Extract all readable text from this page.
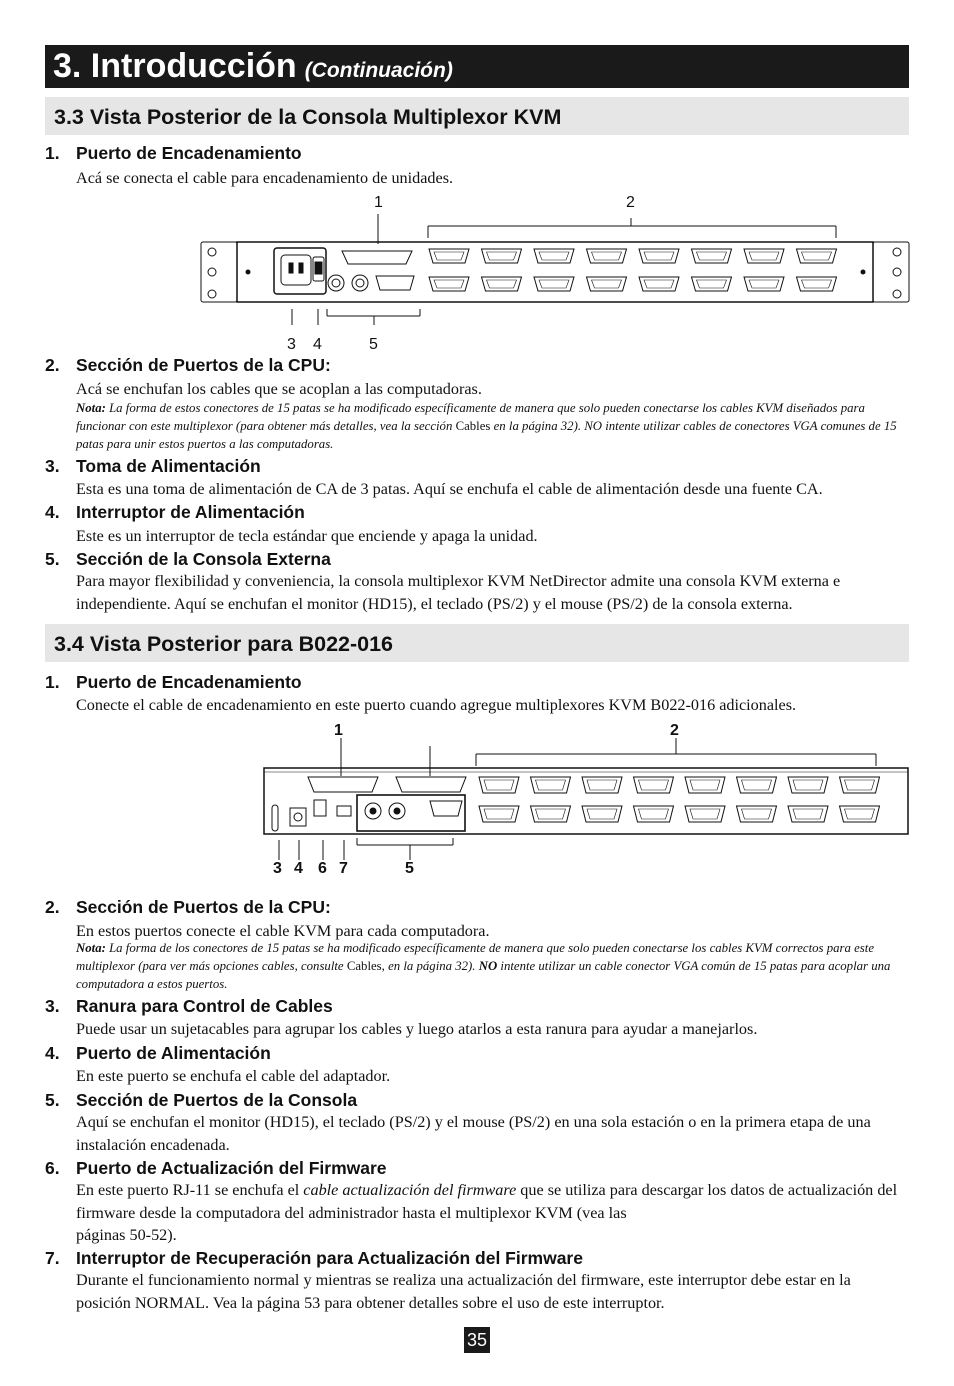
3. Introducción (Continuación)
3.3 Vista Posterior de la Consola Multiplexor KVM
1. Puerto de Encadenamiento
Acá se conecta el cable para encadenamiento de unidades.
1	2
3 4	5
2. Sección de Puertos de la CPU:
Acá se enchufan los cables que se acoplan a las computadoras.
Nota: La forma de estos conectores de 15 patas se ha modificado específicamente de manera que solo pueden conectarse los cables KVM diseñados para funcionar con este multiplexor (para obtener más detalles, vea la sección Cables en la página 32). NO intente utilizar cables de conectores VGA comunes de 15 patas para unir estos puertos a las computadoras.
3. Toma de Alimentación
Esta es una toma de alimentación de CA de 3 patas. Aquí se enchufa el cable de alimentación desde una fuente CA.
4. Interruptor de Alimentación
Este es un interruptor de tecla estándar que enciende y apaga la unidad.
5. Sección de la Consola Externa
Para mayor flexibilidad y conveniencia, la consola multiplexor KVM NetDirector admite una consola KVM externa e independiente. Aquí se enchufan el monitor (HD15), el teclado (PS/2) y el mouse (PS/2) de la consola externa.
3.4 Vista Posterior para B022-016
1. Puerto de Encadenamiento
Conecte el cable de encadenamiento en este puerto cuando agregue multiplexores KVM B022-016 adicionales.
1	2
3 4 6 7	5
2. Sección de Puertos de la CPU:
En estos puertos conecte el cable KVM para cada computadora.
Nota: La forma de los conectores de 15 patas se ha modificado específicamente de manera que solo pueden conectarse los cables KVM correctos para este multiplexor (para ver más opciones cables, consulte Cables, en la página 32). NO intente utilizar un cable conector VGA común de 15 patas para acoplar una computadora a estos puertos.
3. Ranura para Control de Cables
Puede usar un sujetacables para agrupar los cables y luego atarlos a esta ranura para ayudar a manejarlos.
4. Puerto de Alimentación
En este puerto se enchufa el cable del adaptador.
5. Sección de Puertos de la Consola
Aquí se enchufan el monitor (HD15), el teclado (PS/2) y el mouse (PS/2) en una sola estación o en la primera etapa de una instalación encadenada.
6. Puerto de Actualización del Firmware
En este puerto RJ-11 se enchufa el cable actualización del firmware que se utiliza para descargar los datos de actualización del firmware desde la computadora del administrador hasta el multiplexor KVM (vea las
páginas 50-52).
7. Interruptor de Recuperación para Actualización del Firmware
Durante el funcionamiento normal y mientras se realiza una actualización del firmware, este interruptor debe estar en la posición NORMAL. Vea la página 53 para obtener detalles sobre el uso de este interruptor.
35
